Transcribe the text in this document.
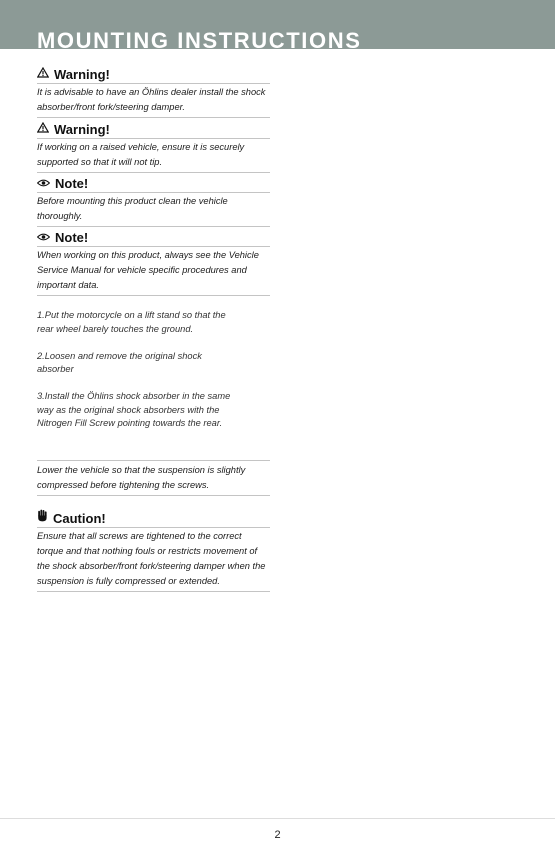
MOUNTING INSTRUCTIONS
Warning!
It is advisable to have an Öhlins dealer install the shock absorber/front fork/steering damper.
Warning!
If working on a raised vehicle, ensure it is securely supported so that it will not tip.
Note!
Before mounting this product clean the vehicle thoroughly.
Note!
When working on this product, always see the Vehicle Service Manual for vehicle specific procedures and important data.

1.Put the motorcycle on a lift stand so that the
rear wheel barely touches the ground.

2.Loosen and remove the original shock
absorber

3.Install the Öhlins shock absorber in the same
way as the original shock absorbers with the
Nitrogen Fill Screw pointing towards the rear.

Lower the vehicle so that the suspension is slightly compressed before tightening the screws.
Caution!
Ensure that all screws are tightened to the correct torque and that nothing fouls or restricts movement of the shock absorber/front fork/steering damper when the suspension is fully compressed or extended.
2
